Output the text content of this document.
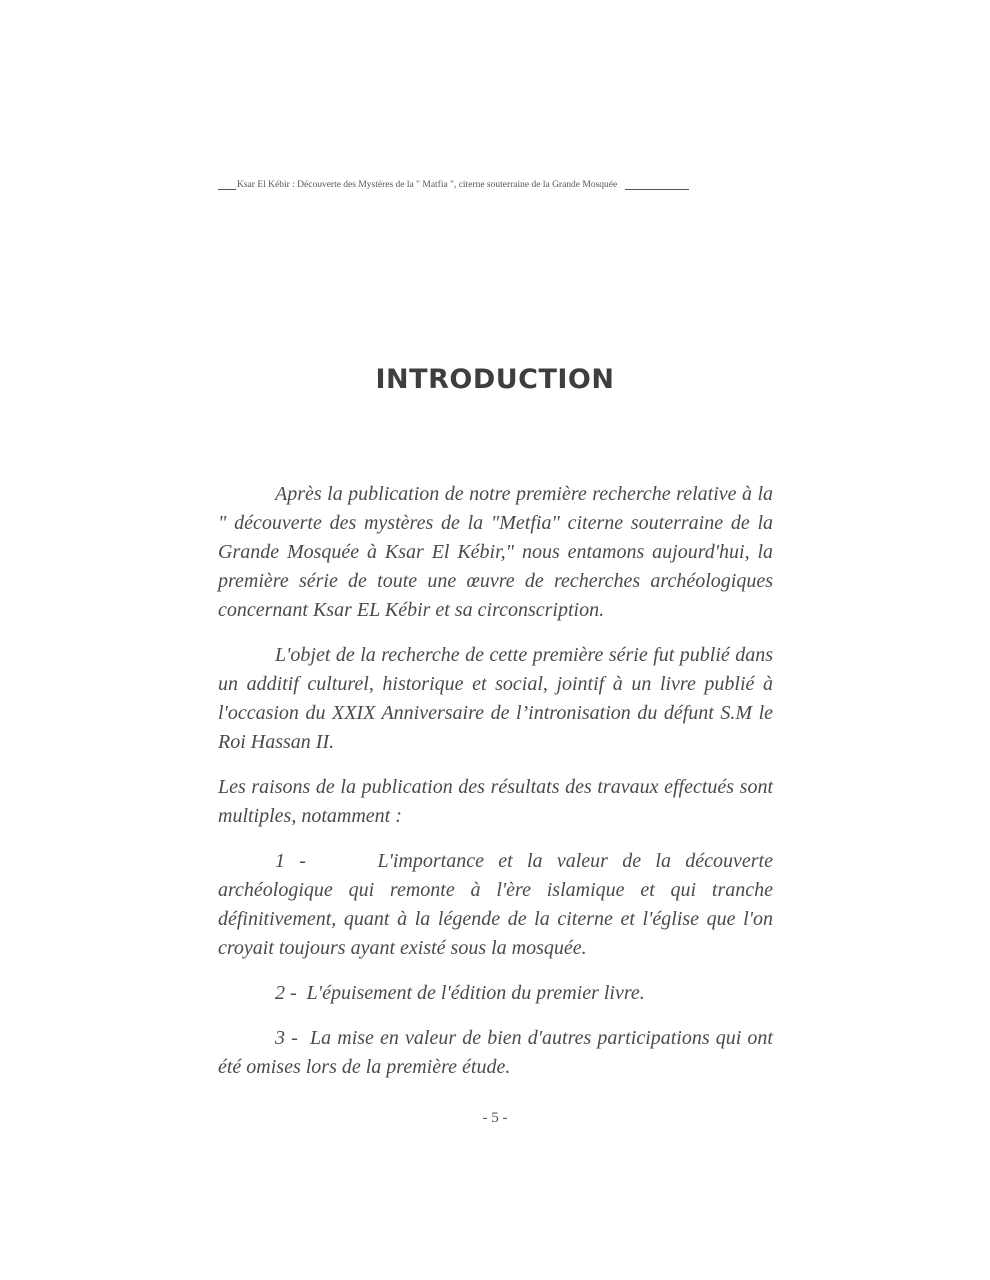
Ksar El Kébir : Découverte des Mystéres de la " Matfia ", citerne souterraine de la Grande Mosquée
INTRODUCTION

Après la publication de notre première recherche relative à la " découverte des mystères de la "Metfia" citerne souterraine de la Grande Mosquée à Ksar El Kébir," nous entamons aujourd'hui, la première série de toute une œuvre de recherches archéologiques concernant Ksar EL Kébir et sa circonscription.

L'objet de la recherche de cette première série fut publié dans un additif culturel, historique et social, jointif à un livre publié à l'occasion du XXIX Anniversaire de l’intronisation du défunt S.M le Roi Hassan II.

Les raisons de la publication des résultats des travaux effectués sont multiples, notamment :

1 -	L'importance et la valeur de la découverte archéologique qui remonte à l'ère islamique et qui tranche définitivement, quant à la légende de la citerne et l'église que l'on croyait toujours ayant existé sous la mosquée.

2 - L'épuisement de l'édition du premier livre.

3 - La mise en valeur de bien d'autres participations qui ont été omises lors de la première étude.

- 5 -
